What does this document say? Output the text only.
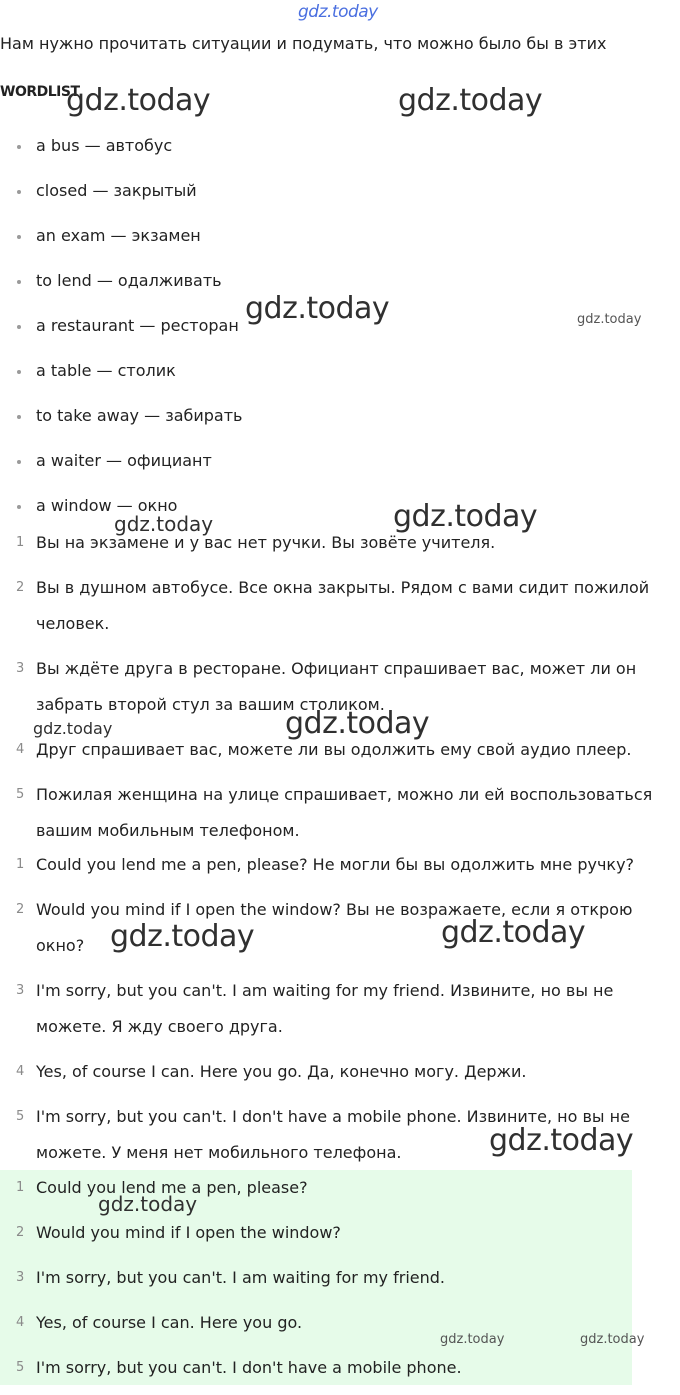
gdz.today
Нам нужно прочитать ситуации и подумать, что можно было бы в этих
WORDLIST
a bus — автобус
closed — закрытый
an exam — экзамен
to lend — одалживать
a restaurant — ресторан
a table — столик
to take away — забирать
a waiter — официант
a window — окно
1 Вы на экзамене и у вас нет ручки. Вы зовёте учителя.
2 Вы в душном автобусе. Все окна закрыты. Рядом с вами сидит пожилой человек.
3 Вы ждёте друга в ресторане. Официант спрашивает вас, может ли он забрать второй стул за вашим столиком.
4 Друг спрашивает вас, можете ли вы одолжить ему свой аудио плеер.
5 Пожилая женщина на улице спрашивает, можно ли ей воспользоваться вашим мобильным телефоном.
1 Could you lend me a pen, please? Не могли бы вы одолжить мне ручку?
2 Would you mind if I open the window? Вы не возражаете, если я открою окно?
3 I'm sorry, but you can't. I am waiting for my friend. Извините, но вы не можете. Я жду своего друга.
4 Yes, of course I can. Here you go. Да, конечно могу. Держи.
5 I'm sorry, but you can't. I don't have a mobile phone. Извините, но вы не можете. У меня нет мобильного телефона.
1 Could you lend me a pen, please?
2 Would you mind if I open the window?
3 I'm sorry, but you can't. I am waiting for my friend.
4 Yes, of course I can. Here you go.
5 I'm sorry, but you can't. I don't have a mobile phone.
gdz.today	gdz.today
gdz.today	gdz.today
gdz.today
gdz.today
gdz.today	gdz.today
gdz.today	gdz.today
gdz.today
gdz.today
gdz.today	gdz.today
